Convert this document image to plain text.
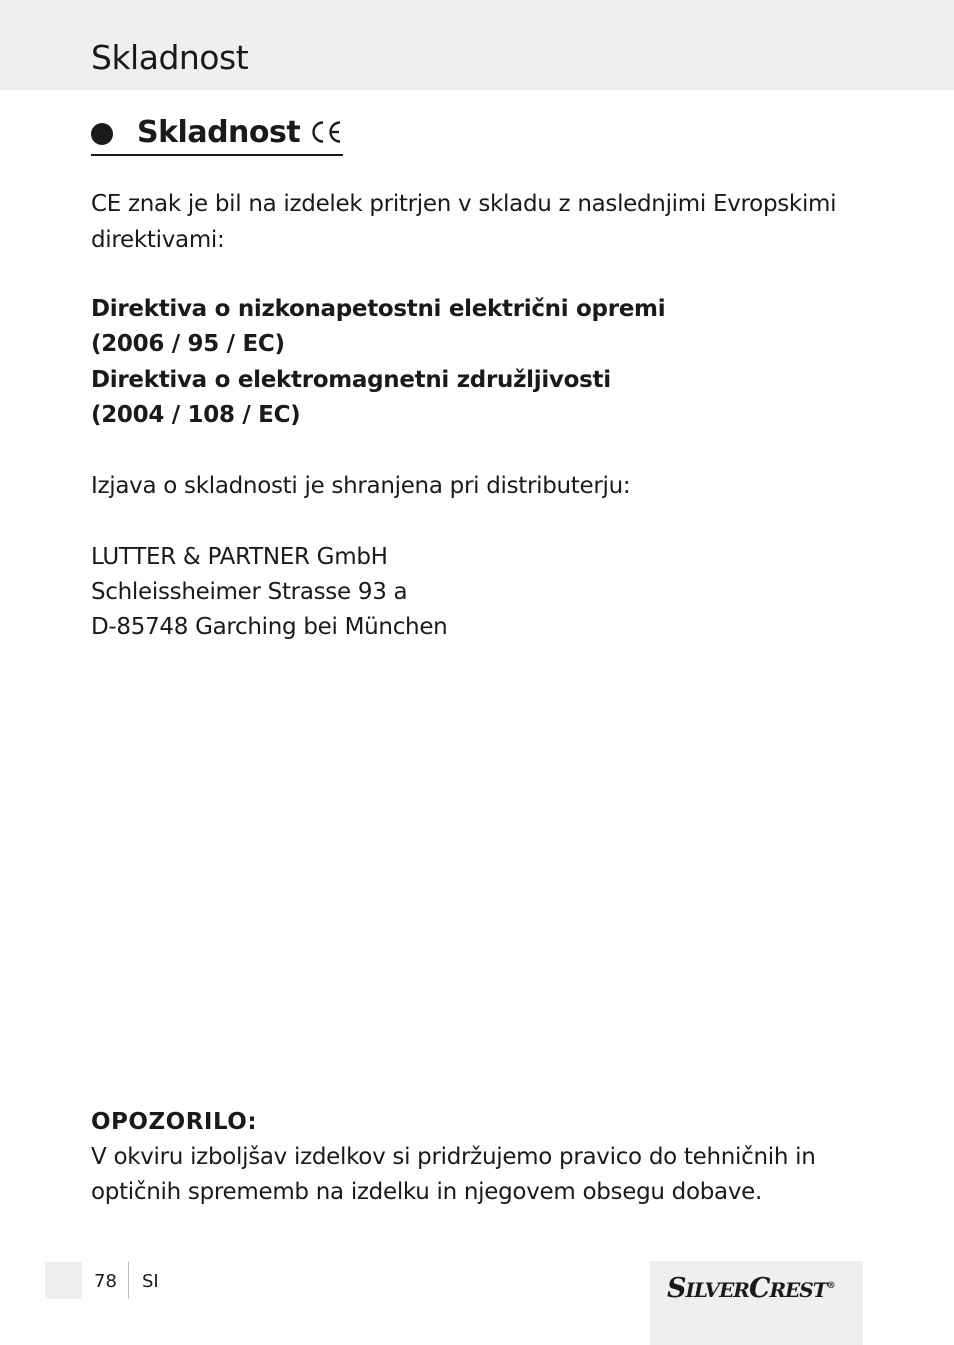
Skladnost
Skladnost
CE znak je bil na izdelek pritrjen v skladu z naslednjimi Evropskimi
direktivami:
Direktiva o nizkonapetostni električni opremi
(2006 / 95 / EC)
Direktiva o elektromagnetni združljivosti
(2004 / 108 / EC)
Izjava o skladnosti je shranjena pri distributerju:
LUTTER & PARTNER GmbH
Schleissheimer Strasse 93 a
D-85748 Garching bei München
OPOZORILO:
V okviru izboljšav izdelkov si pridržujemo pravico do tehničnih in
optičnih sprememb na izdelku in njegovem obsegu dobave.
78 SI	SILVERCREST®
